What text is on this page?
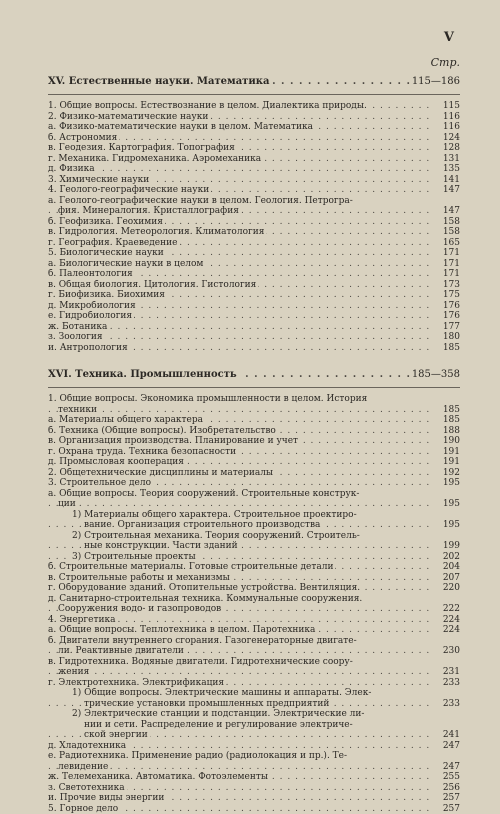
V
Стр.
XV. Естественные науки. Математика	115—186
. . .
1. Общие вопросы. Естествознание в целом. Диалектика природы.	115
. . .
2. Физико-математические науки	116
. . .
а. Физико-математические науки в целом. Математика	116
. . .
б. Астрономия	124
. . .
в. Геодезия. Картография. Топография	128
. . .
г. Механика. Гидромеханика. Аэромеханика	131
. . .
д. Физика	135
. . .
3. Химические науки	141
. . .
4. Геолого-географические науки	147
. . .
а. Геолого-географические науки в целом. Геология. Петрогра-
фия. Минералогия. Кристаллография	147
. . .
б. Геофизика. Геохимия	158
. . .
в. Гидрология. Метеорология. Климатология	158
. . .
г. География. Краеведение	165
. . .
5. Биологические науки	171
. . .
а. Биологические науки в целом	171
. . .
б. Палеонтология	171
. . .
в. Общая биология. Цитология. Гистология	173
. . .
г. Биофизика. Биохимия	175
. . .
д. Микробиология	176
. . .
е. Гидробиология	176
. . .
ж. Ботаника	177
. . .
з. Зоология	180
. . .
и. Антропология	185
. . .
XVI. Техника. Промышленность	185—358
. . .
1. Общие вопросы. Экономика промышленности в целом. История
техники	185
. . .
а. Материалы общего характера	185
. . .
б. Техника (Общие вопросы). Изобретательство	188
. . .
в. Организация производства. Планирование и учет	190
. . .
г. Охрана труда. Техника безопасности	191
. . .
д. Промысловая кооперация	191
. . .
2. Общетехнические дисциплины и материалы	192
. . .
3. Строительное дело	195
. . .
а. Общие вопросы. Теория сооружений. Строительные конструк-
ции	195
. . .
1) Материалы общего характера. Строительное проектиро-
вание. Организация строительного производства	195
. . .
2) Строительная механика. Теория сооружений. Строитель-
ные конструкции. Части зданий	199
. . .
3) Строительные проекты	202
. . .
б. Строительные материалы. Готовые строительные детали	204
. . .
в. Строительные работы и механизмы	207
. . .
г. Оборудование зданий. Отопительные устройства. Вентиляция.	220
. . .
д. Санитарно-строительная техника. Коммунальные сооружения.
Сооружения водо- и газопроводов	222
. . .
4. Энергетика	224
. . .
а. Общие вопросы. Теплотехника в целом. Паротехника	224
. . .
б. Двигатели внутреннего сгорания. Газогенераторные двигате-
ли. Реактивные двигатели	230
. . .
в. Гидротехника. Водяные двигатели. Гидротехнические соору-
жения	231
. . .
г. Электротехника. Электрификация	233
. . .
1) Общие вопросы. Электрические машины и аппараты. Элек-
трические установки промышленных предприятий	233
. . .
2) Электрические станции и подстанции. Электрические ли-
нии и сети. Распределение и регулирование электриче-
ской энергии	241
. . .
д. Хладотехника	247
. . .
е. Радиотехника. Применение радио (радиолокация и пр.). Те-
левидение	247
. . .
ж. Телемеханика. Автоматика. Фотоэлементы	255
. . .
з. Светотехника	256
. . .
и. Прочие виды энергии	257
. . .
5. Горное дело	257
. . .
